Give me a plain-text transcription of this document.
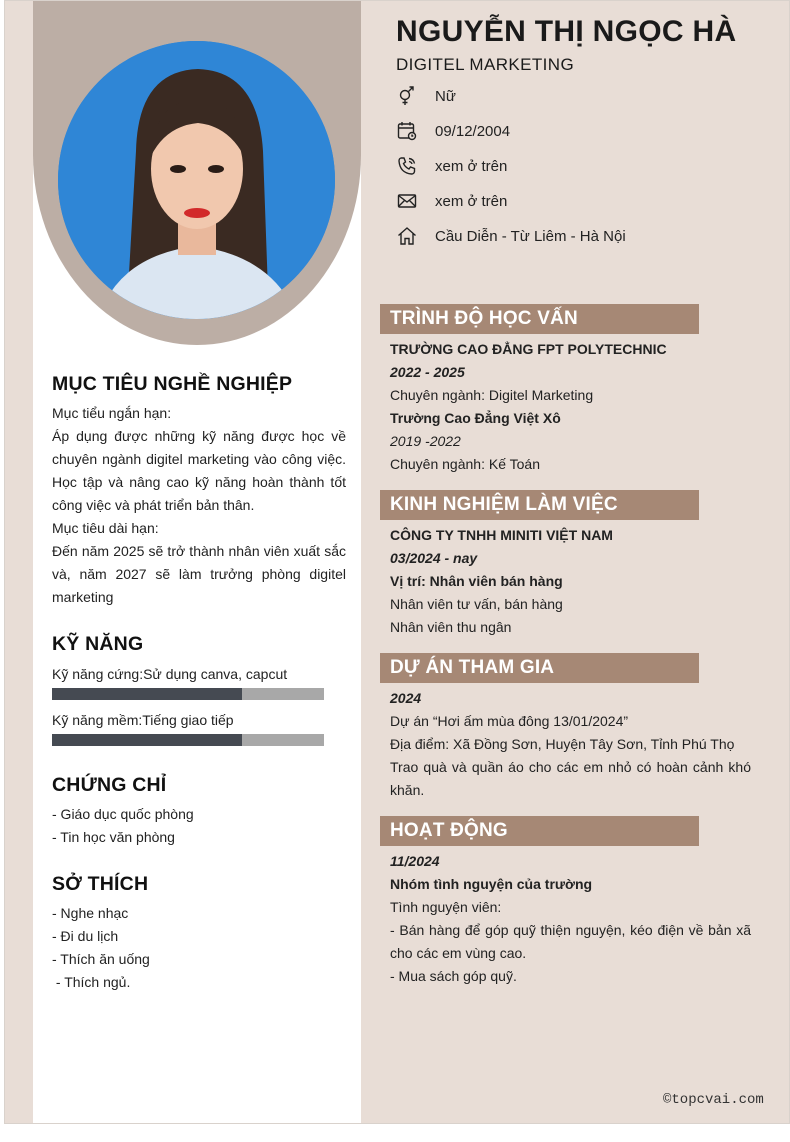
MỤC TIÊU NGHỀ NGHIỆP
Mục tiểu ngắn hạn:
Áp dụng được những kỹ năng được học về chuyên ngành digitel marketing vào công việc. Học tập và nâng cao kỹ năng hoàn thành tốt công việc và phát triển bản thân.
Mục tiêu dài hạn:
Đến năm 2025 sẽ trở thành nhân viên xuất sắc và, năm 2027 sẽ làm trưởng phòng digitel marketing
KỸ NĂNG
Kỹ năng cứng:Sử dụng canva, capcut
Kỹ năng mềm:Tiếng giao tiếp
CHỨNG CHỈ
- Giáo dục quốc phòng
- Tin học văn phòng
SỞ THÍCH
- Nghe nhạc
- Đi du lịch
- Thích ăn uống
- Thích ngủ.
NGUYỄN THỊ NGỌC HÀ
DIGITEL MARKETING
Nữ
09/12/2004
xem ở trên
xem ở trên
Cầu Diễn - Từ Liêm - Hà Nội
TRÌNH ĐỘ HỌC VẤN
TRƯỜNG CAO ĐẲNG FPT POLYTECHNIC
2022 - 2025
Chuyên ngành: Digitel Marketing
Trường Cao Đẳng Việt Xô
2019 -2022
Chuyên ngành: Kế Toán
KINH NGHIỆM LÀM VIỆC
CÔNG TY TNHH MINITI VIỆT NAM
03/2024 - nay
Vị trí: Nhân viên bán hàng
Nhân viên tư vấn, bán hàng
Nhân viên thu ngân
DỰ ÁN THAM GIA
2024
Dự án “Hơi ấm mùa đông 13/01/2024”
Địa điểm: Xã Đồng Sơn, Huyện Tây Sơn, Tỉnh Phú Thọ
Trao quà và quần áo cho các em nhỏ có hoàn cảnh khó khăn.
HOẠT ĐỘNG
11/2024
Nhóm tình nguyện của trường
Tình nguyện viên:
- Bán hàng để góp quỹ thiện nguyện, kéo điện về bản xã cho các em vùng cao.
- Mua sách góp quỹ.
©topcvai.com
